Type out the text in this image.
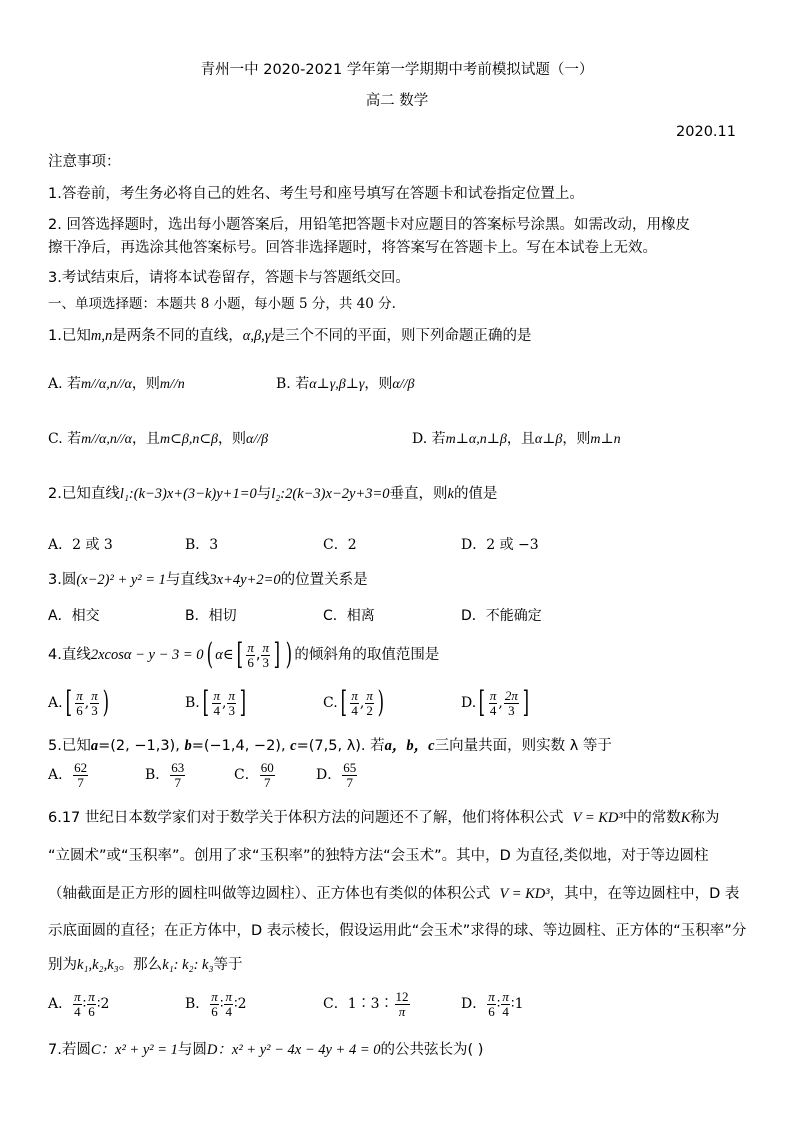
青州一中 2020-2021 学年第一学期期中考前模拟试题（一）
高二 数学
2020.11
注意事项：
1.答卷前，考生务必将自己的姓名、考生号和座号填写在答题卡和试卷指定位置上。
2. 回答选择题时，选出每小题答案后，用铅笔把答题卡对应题目的答案标号涂黑。如需改动，用橡皮
擦干净后，再选涂其他答案标号。回答非选择题时，将答案写在答题卡上。写在本试卷上无效。
3.考试结束后，请将本试卷留存，答题卡与答题纸交回。
一、单项选择题：本题共 8 小题，每小题 5 分，共 40 分.
1.已知m,n是两条不同的直线，α,β,γ是三个不同的平面，则下列命题正确的是
A. 若m//α,n//α，则m//n	B. 若α⊥γ,β⊥γ，则α//β
C. 若m//α,n//α，且m⊂β,n⊂β，则α//β	D. 若m⊥α,n⊥β，且α⊥β，则m⊥n
2.已知直线l₁:(k−3)x+(3−k)y+1=0与l₂:2(k−3)x−2y+3=0垂直，则k的值是
A．2 或 3	B．3	C．2	D．2 或 −3
3.圆(x−2)² + y² = 1与直线3x+4y+2=0的位置关系是
A．相交	B．相切	C．相离	D．不能确定
4.直线2xcosα − y − 3 = 0( α∈[ $\frac{\pi}{6}$ , $\frac{\pi}{3}$ ] ) 的倾斜角的取值范围是
$A.[ \frac{\pi}{6}$ , $\frac{\pi}{3}$ )	$B.[ \frac{\pi}{4}$ , $\frac{\pi}{3}$ ]	$C.[ \frac{\pi}{4}$ , $\frac{\pi}{2}$ )	$D.[ \frac{\pi}{4}$ , $\frac{2\pi}{3}$ ]
5.已知a=(2, −1,3), b=(−1,4, −2), c=(7,5, λ). 若a，b，c三向量共面，则实数 λ 等于
A． $\frac{62}{7}$	B． $\frac{63}{7}$	C． $\frac{60}{7}$	D． $\frac{65}{7}$
6.17 世纪日本数学家们对于数学关于体积方法的问题还不了解，他们将体积公式 V = KD³中的常数K称为
“立圆术”或“玉积率”。创用了求“玉积率”的独特方法“会玉术”。其中，D 为直径,类似地，对于等边圆柱
（轴截面是正方形的圆柱叫做等边圆柱）、正方体也有类似的体积公式 V = KD³，其中，在等边圆柱中，D 表
示底面圆的直径；在正方体中，D 表示棱长，假设运用此“会玉术”求得的球、等边圆柱、正方体的“玉积率”分
别为k₁,k₂,k₃。那么k₁: k₂: k₃等于
A． $\frac{\pi}{4}$ ∶ $\frac{\pi}{6}$ ∶2	B． $\frac{\pi}{6}$ ∶ $\frac{\pi}{4}$ ∶2	C．1∶3∶ $\frac{12}{\pi}$	D． $\frac{\pi}{6}$ ∶ $\frac{\pi}{4}$ ∶1
7.若圆C：x² + y² = 1与圆D：x² + y² − 4x − 4y + 4 = 0的公共弦长为( )
